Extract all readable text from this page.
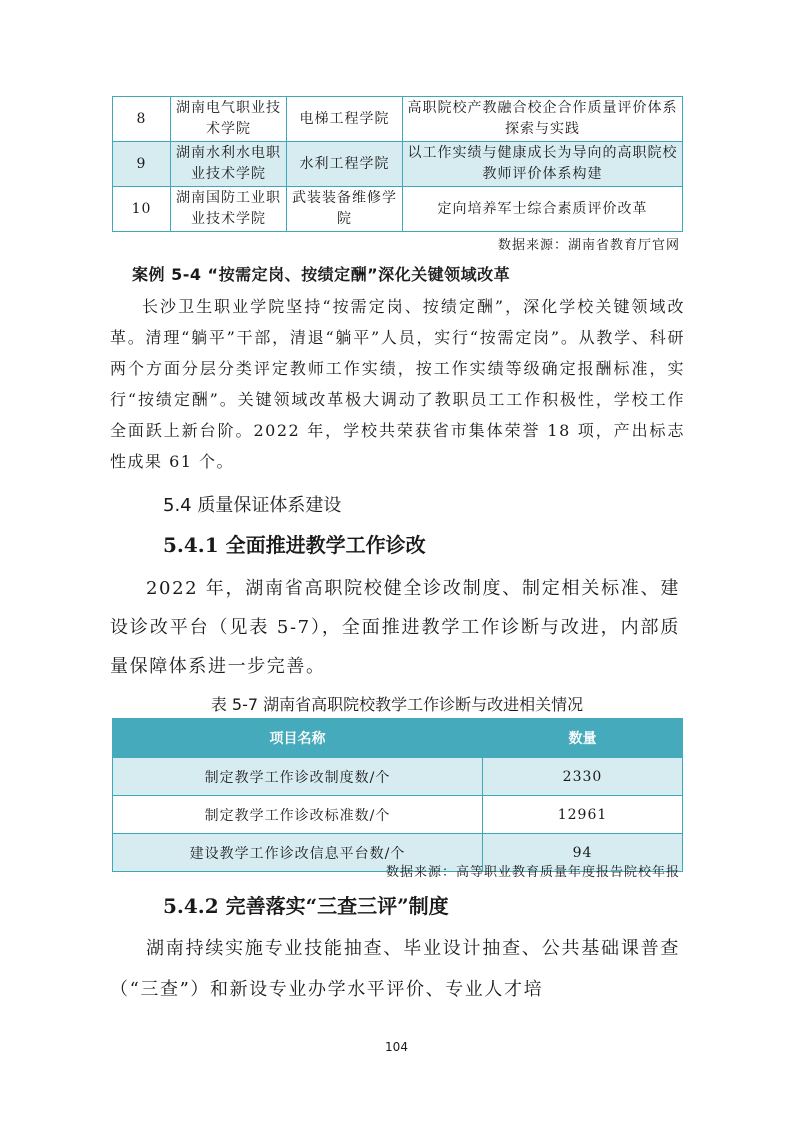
8	湖南电气职业技术学院	电梯工程学院	高职院校产教融合校企合作质量评价体系探索与实践
9	湖南水利水电职业技术学院	水利工程学院	以工作实绩与健康成长为导向的高职院校教师评价体系构建
10	湖南国防工业职业技术学院	武装装备维修学院	定向培养军士综合素质评价改革
数据来源：湖南省教育厅官网
案例 5-4 “按需定岗、按绩定酬”深化关键领域改革

长沙卫生职业学院坚持“按需定岗、按绩定酬”，深化学校关键领域改革。清理“躺平”干部，清退“躺平”人员，实行“按需定岗”。从教学、科研两个方面分层分类评定教师工作实绩，按工作实绩等级确定报酬标准，实行“按绩定酬”。关键领域改革极大调动了教职员工工作积极性，学校工作全面跃上新台阶。2022 年，学校共荣获省市集体荣誉 18 项，产出标志性成果 61 个。

5.4 质量保证体系建设
5.4.1 全面推进教学工作诊改

2022 年，湖南省高职院校健全诊改制度、制定相关标准、建设诊改平台（见表 5-7），全面推进教学工作诊断与改进，内部质量保障体系进一步完善。

表 5-7 湖南省高职院校教学工作诊断与改进相关情况
项目名称	数量
制定教学工作诊改制度数/个	2330
制定教学工作诊改标准数/个	12961
建设教学工作诊改信息平台数/个	94
数据来源：高等职业教育质量年度报告院校年报
5.4.2 完善落实“三查三评”制度

湖南持续实施专业技能抽查、毕业设计抽查、公共基础课普查（“三查”）和新设专业办学水平评价、专业人才培

104
